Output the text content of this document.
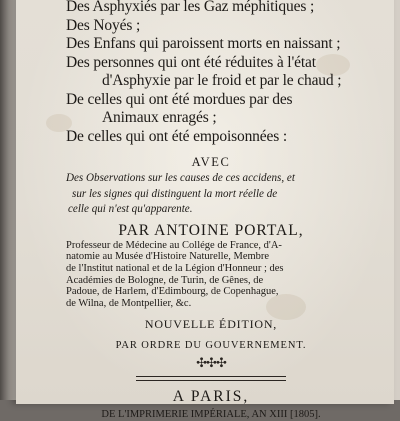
Des Asphyxiés par les Gaz méphitiques ;
Des Noyés ;
Des Enfans qui paroissent morts en naissant ;
Des personnes qui ont été réduites à l'état
d'Asphyxie par le froid et par le chaud ;
De celles qui ont été mordues par des
Animaux enragés ;
De celles qui ont été empoisonnées :
AVEC
Des Observations sur les causes de ces accidens, et
sur les signes qui distinguent la mort réelle de
celle qui n'est qu'apparente.
PAR ANTOINE PORTAL,
Professeur de Médecine au Collége de France, d'A-
natomie au Musée d'Histoire Naturelle, Membre
de l'Institut national et de la Légion d'Honneur ; des
Académies de Bologne, de Turin, de Gênes, de
Padoue, de Harlem, d'Edimbourg, de Copenhague,
de Wilna, de Montpellier, &c.
NOUVELLE ÉDITION,
PAR ORDRE DU GOUVERNEMENT.
✣✣✣
A PARIS,
DE L'IMPRIMERIE IMPÉRIALE, AN XIII [1805].
